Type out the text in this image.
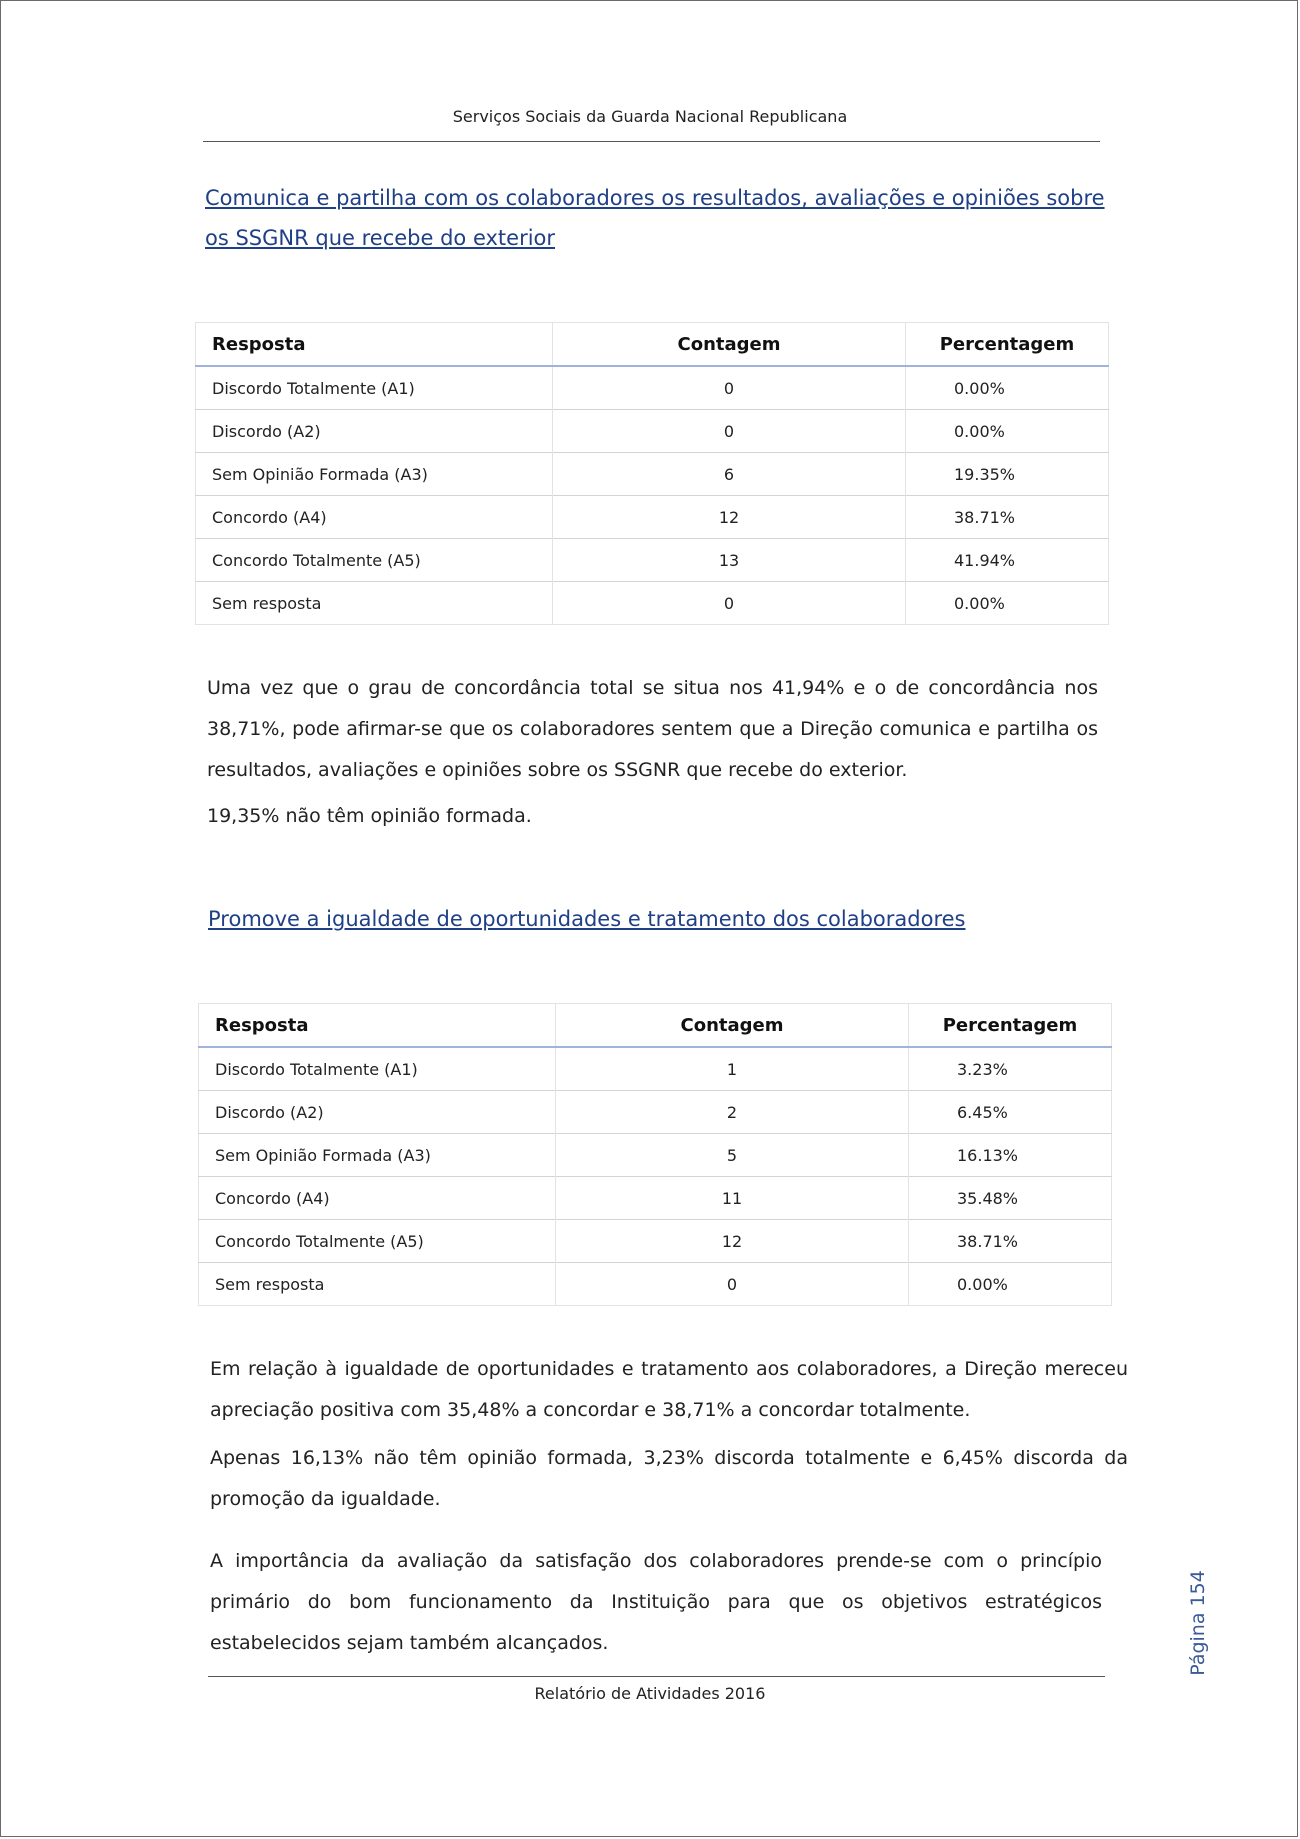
Serviços Sociais da Guarda Nacional Republicana
Comunica e partilha com os colaboradores os resultados, avaliações e opiniões sobre os SSGNR que recebe do exterior
Resposta	Contagem	Percentagem
Discordo Totalmente (A1)	0	0.00%
Discordo (A2)	0	0.00%
Sem Opinião Formada (A3)	6	19.35%
Concordo (A4)	12	38.71%
Concordo Totalmente (A5)	13	41.94%
Sem resposta	0	0.00%

Uma vez que o grau de concordância total se situa nos 41,94% e o de concordância nos 38,71%, pode afirmar-se que os colaboradores sentem que a Direção comunica e partilha os resultados, avaliações e opiniões sobre os SSGNR que recebe do exterior.

19,35% não têm opinião formada.

Promove a igualdade de oportunidades e tratamento dos colaboradores
Resposta	Contagem	Percentagem
Discordo Totalmente (A1)	1	3.23%
Discordo (A2)	2	6.45%
Sem Opinião Formada (A3)	5	16.13%
Concordo (A4)	11	35.48%
Concordo Totalmente (A5)	12	38.71%
Sem resposta	0	0.00%

Em relação à igualdade de oportunidades e tratamento aos colaboradores, a Direção mereceu apreciação positiva com 35,48% a concordar e 38,71% a concordar totalmente.

Apenas 16,13% não têm opinião formada, 3,23% discorda totalmente e 6,45% discorda da promoção da igualdade.

A importância da avaliação da satisfação dos colaboradores prende-se com o princípio primário do bom funcionamento da Instituição para que os objetivos estratégicos estabelecidos sejam também alcançados.

Relatório de Atividades 2016
Página 154
